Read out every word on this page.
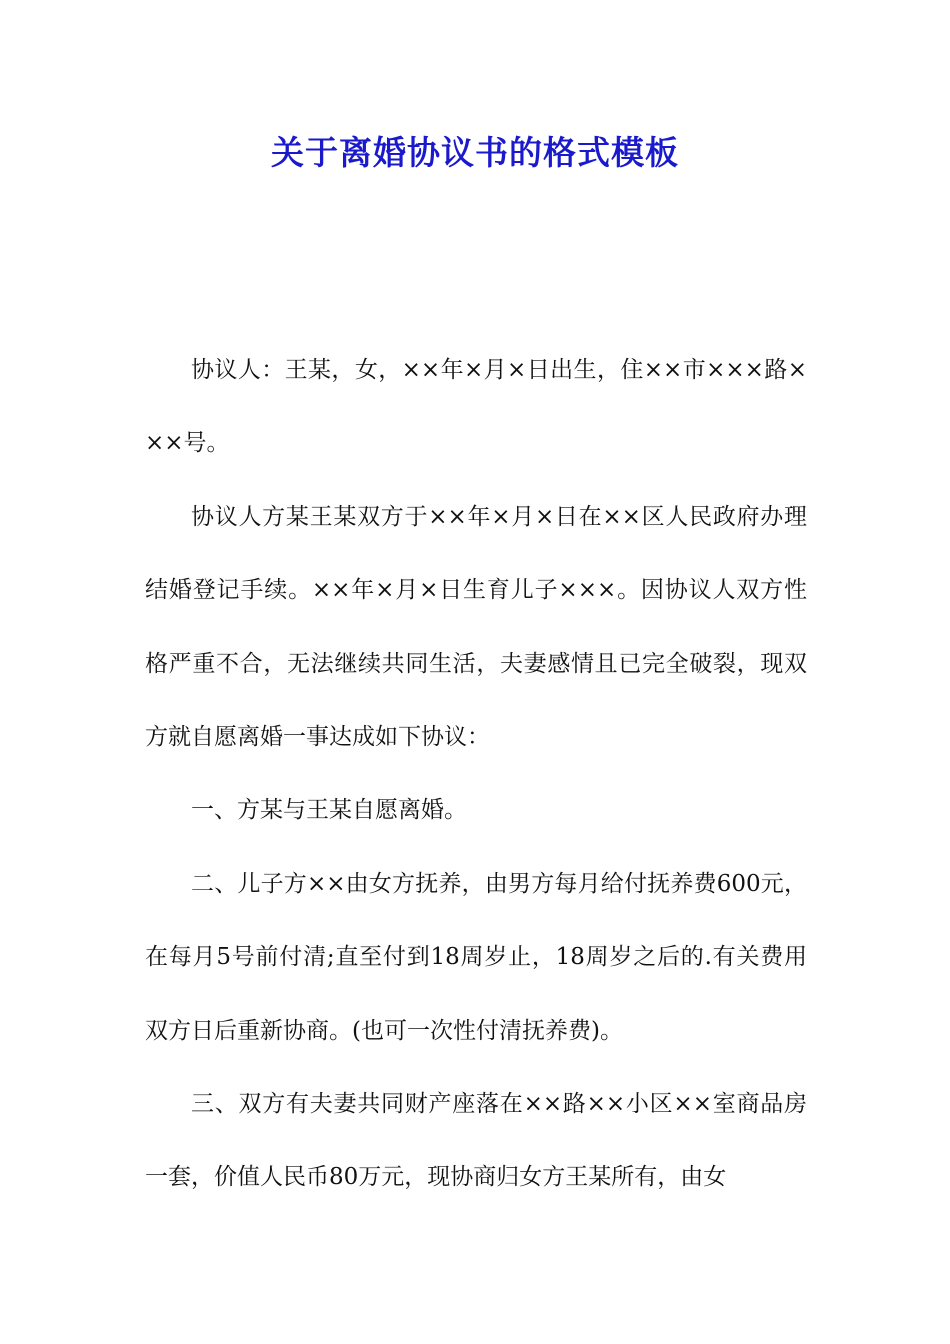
关于离婚协议书的格式模板

协议人：王某，女，××年×月×日出生，住××市×××路×××号。

协议人方某王某双方于××年×月×日在××区人民政府办理结婚登记手续。××年×月×日生育儿子×××。因协议人双方性格严重不合，无法继续共同生活，夫妻感情且已完全破裂，现双方就自愿离婚一事达成如下协议：

一、方某与王某自愿离婚。

二、儿子方××由女方抚养，由男方每月给付抚养费600元，在每月5号前付清;直至付到18周岁止，18周岁之后的.有关费用双方日后重新协商。(也可一次性付清抚养费)。

三、双方有夫妻共同财产座落在××路××小区××室商品房一套，价值人民币80万元，现协商归女方王某所有，由女
